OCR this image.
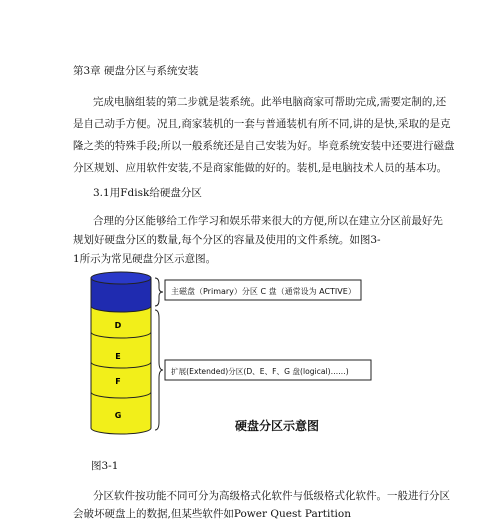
第3章 硬盘分区与系统安装
完成电脑组装的第二步就是装系统。此举电脑商家可帮助完成,需要定制的,还
是自己动手方便。况且,商家装机的一套与普通装机有所不同,讲的是快,采取的是克
隆之类的特殊手段;所以一般系统还是自己安装为好。毕竟系统安装中还要进行磁盘
分区规划、应用软件安装,不是商家能做的好的。装机,是电脑技术人员的基本功。
3.1用Fdisk给硬盘分区
合理的分区能够给工作学习和娱乐带来很大的方便,所以在建立分区前最好先
规划好硬盘分区的数量,每个分区的容量及使用的文件系统。如图3-
1所示为常见硬盘分区示意图。
D
E
F
G
主磁盘（Primary）分区 C 盘（通常设为 ACTIVE）
扩展(Extended)分区(D、E、F、G 盘(logical)……)
硬盘分区示意图
图3-1
分区软件按功能不同可分为高级格式化软件与低级格式化软件。一般进行分区
会破坏硬盘上的数据,但某些软件如Power Quest Partition
